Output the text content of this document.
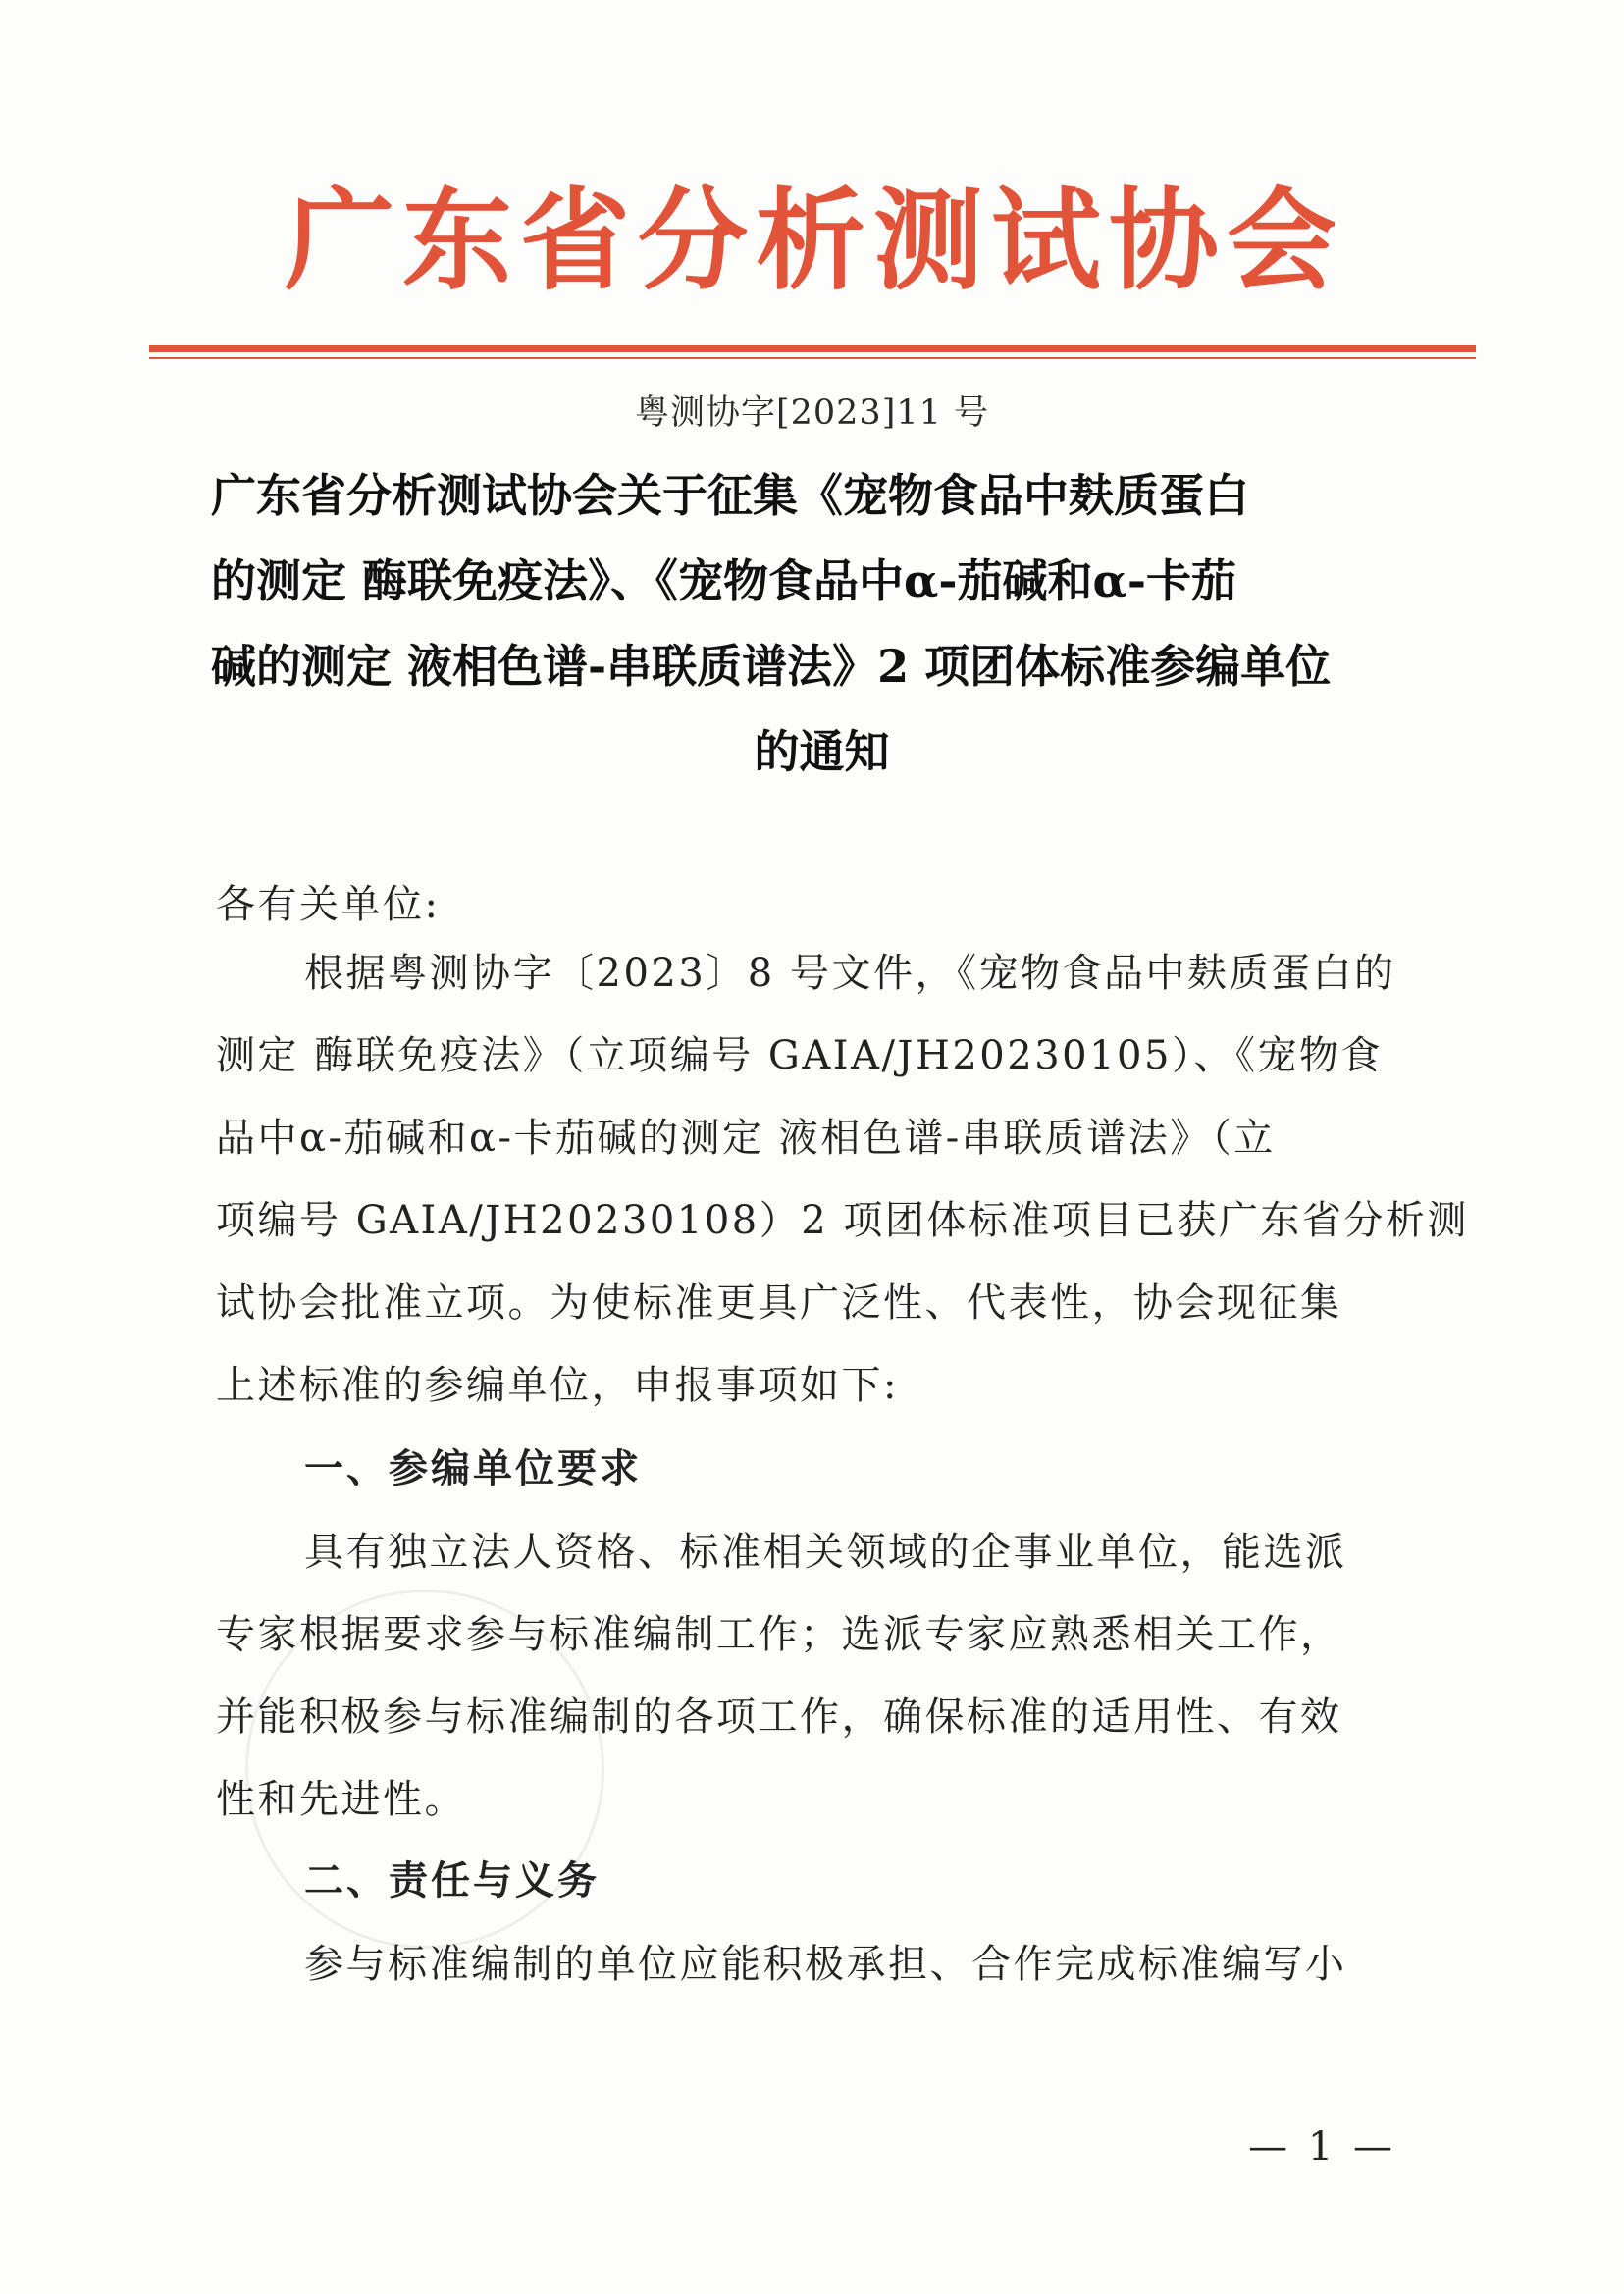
广东省分析测试协会
粤测协字[2023]11 号
广东省分析测试协会关于征集《宠物食品中麸质蛋白
的测定 酶联免疫法》、《宠物食品中α-茄碱和α-卡茄
碱的测定 液相色谱-串联质谱法》2 项团体标准参编单位
的通知
各有关单位:
根据粤测协字〔2023〕8 号文件，《宠物食品中麸质蛋白的
测定 酶联免疫法》（立项编号 GAIA/JH20230105）、《宠物食
品中α-茄碱和α-卡茄碱的测定 液相色谱-串联质谱法》（立
项编号 GAIA/JH20230108）2 项团体标准项目已获广东省分析测
试协会批准立项。为使标准更具广泛性、代表性，协会现征集
上述标准的参编单位，申报事项如下:
一、参编单位要求
具有独立法人资格、标准相关领域的企事业单位，能选派
专家根据要求参与标准编制工作；选派专家应熟悉相关工作，
并能积极参与标准编制的各项工作，确保标准的适用性、有效
性和先进性。
二、责任与义务
参与标准编制的单位应能积极承担、合作完成标准编写小
— 1 —
